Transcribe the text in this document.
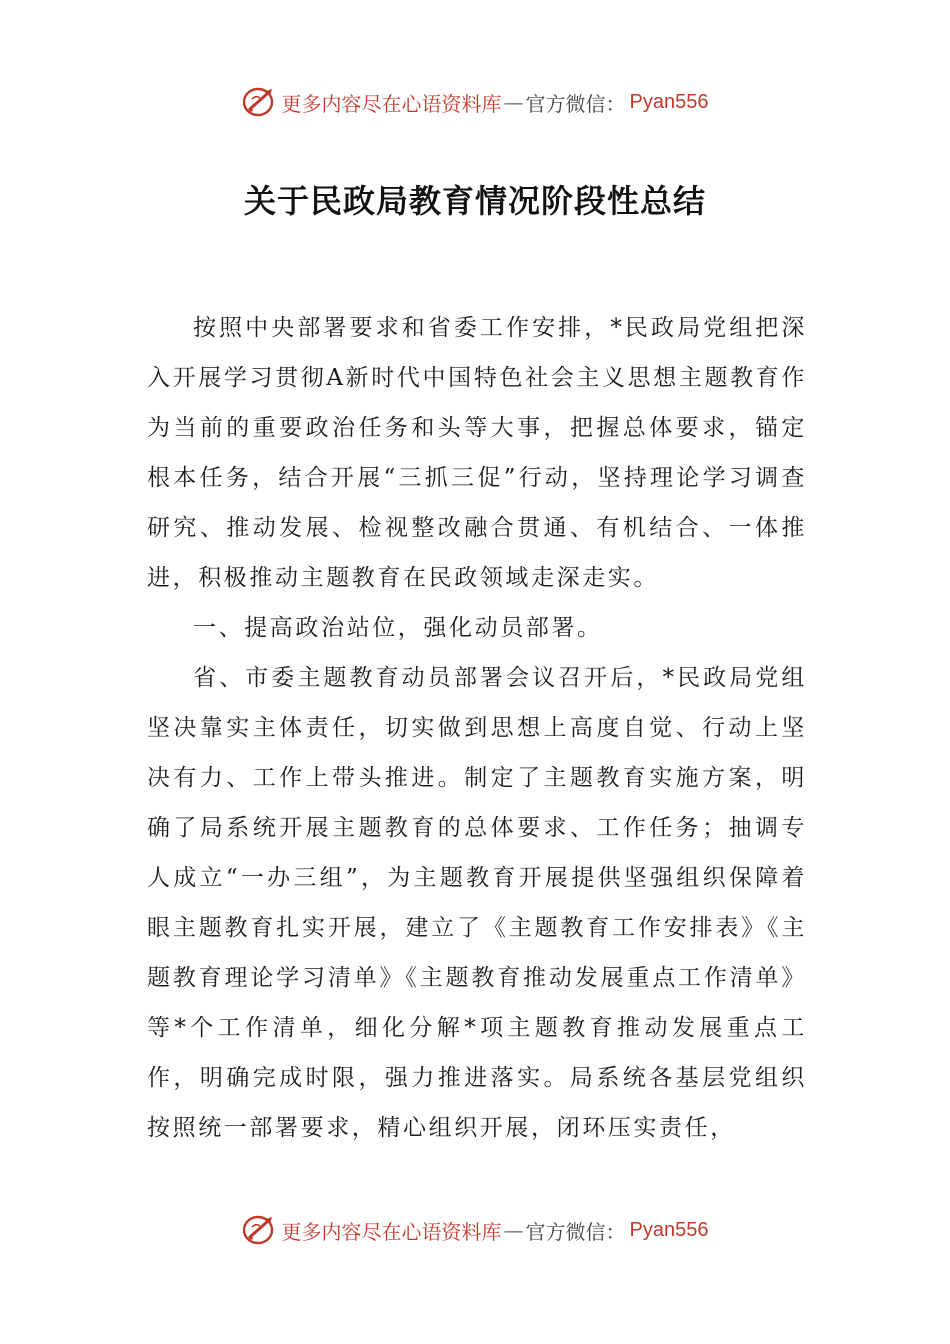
更多内容尽在心语资料库 — 官方微信： Pyan556
关于民政局教育情况阶段性总结

按照中央部署要求和省委工作安排，*民政局党组把深入开展学习贯彻A新时代中国特色社会主义思想主题教育作为当前的重要政治任务和头等大事，把握总体要求，锚定根本任务，结合开展“三抓三促”行动，坚持理论学习调查研究、推动发展、检视整改融合贯通、有机结合、一体推进，积极推动主题教育在民政领域走深走实。

一、提高政治站位，强化动员部署。

省、市委主题教育动员部署会议召开后，*民政局党组坚决靠实主体责任，切实做到思想上高度自觉、行动上坚决有力、工作上带头推进。制定了主题教育实施方案，明确了局系统开展主题教育的总体要求、工作任务；抽调专人成立“一办三组”，为主题教育开展提供坚强组织保障着眼主题教育扎实开展，建立了《主题教育工作安排表》《主题教育理论学习清单》《主题教育推动发展重点工作清单》等*个工作清单，细化分解*项主题教育推动发展重点工作，明确完成时限，强力推进落实。局系统各基层党组织按照统一部署要求，精心组织开展，闭环压实责任，

更多内容尽在心语资料库 — 官方微信： Pyan556
